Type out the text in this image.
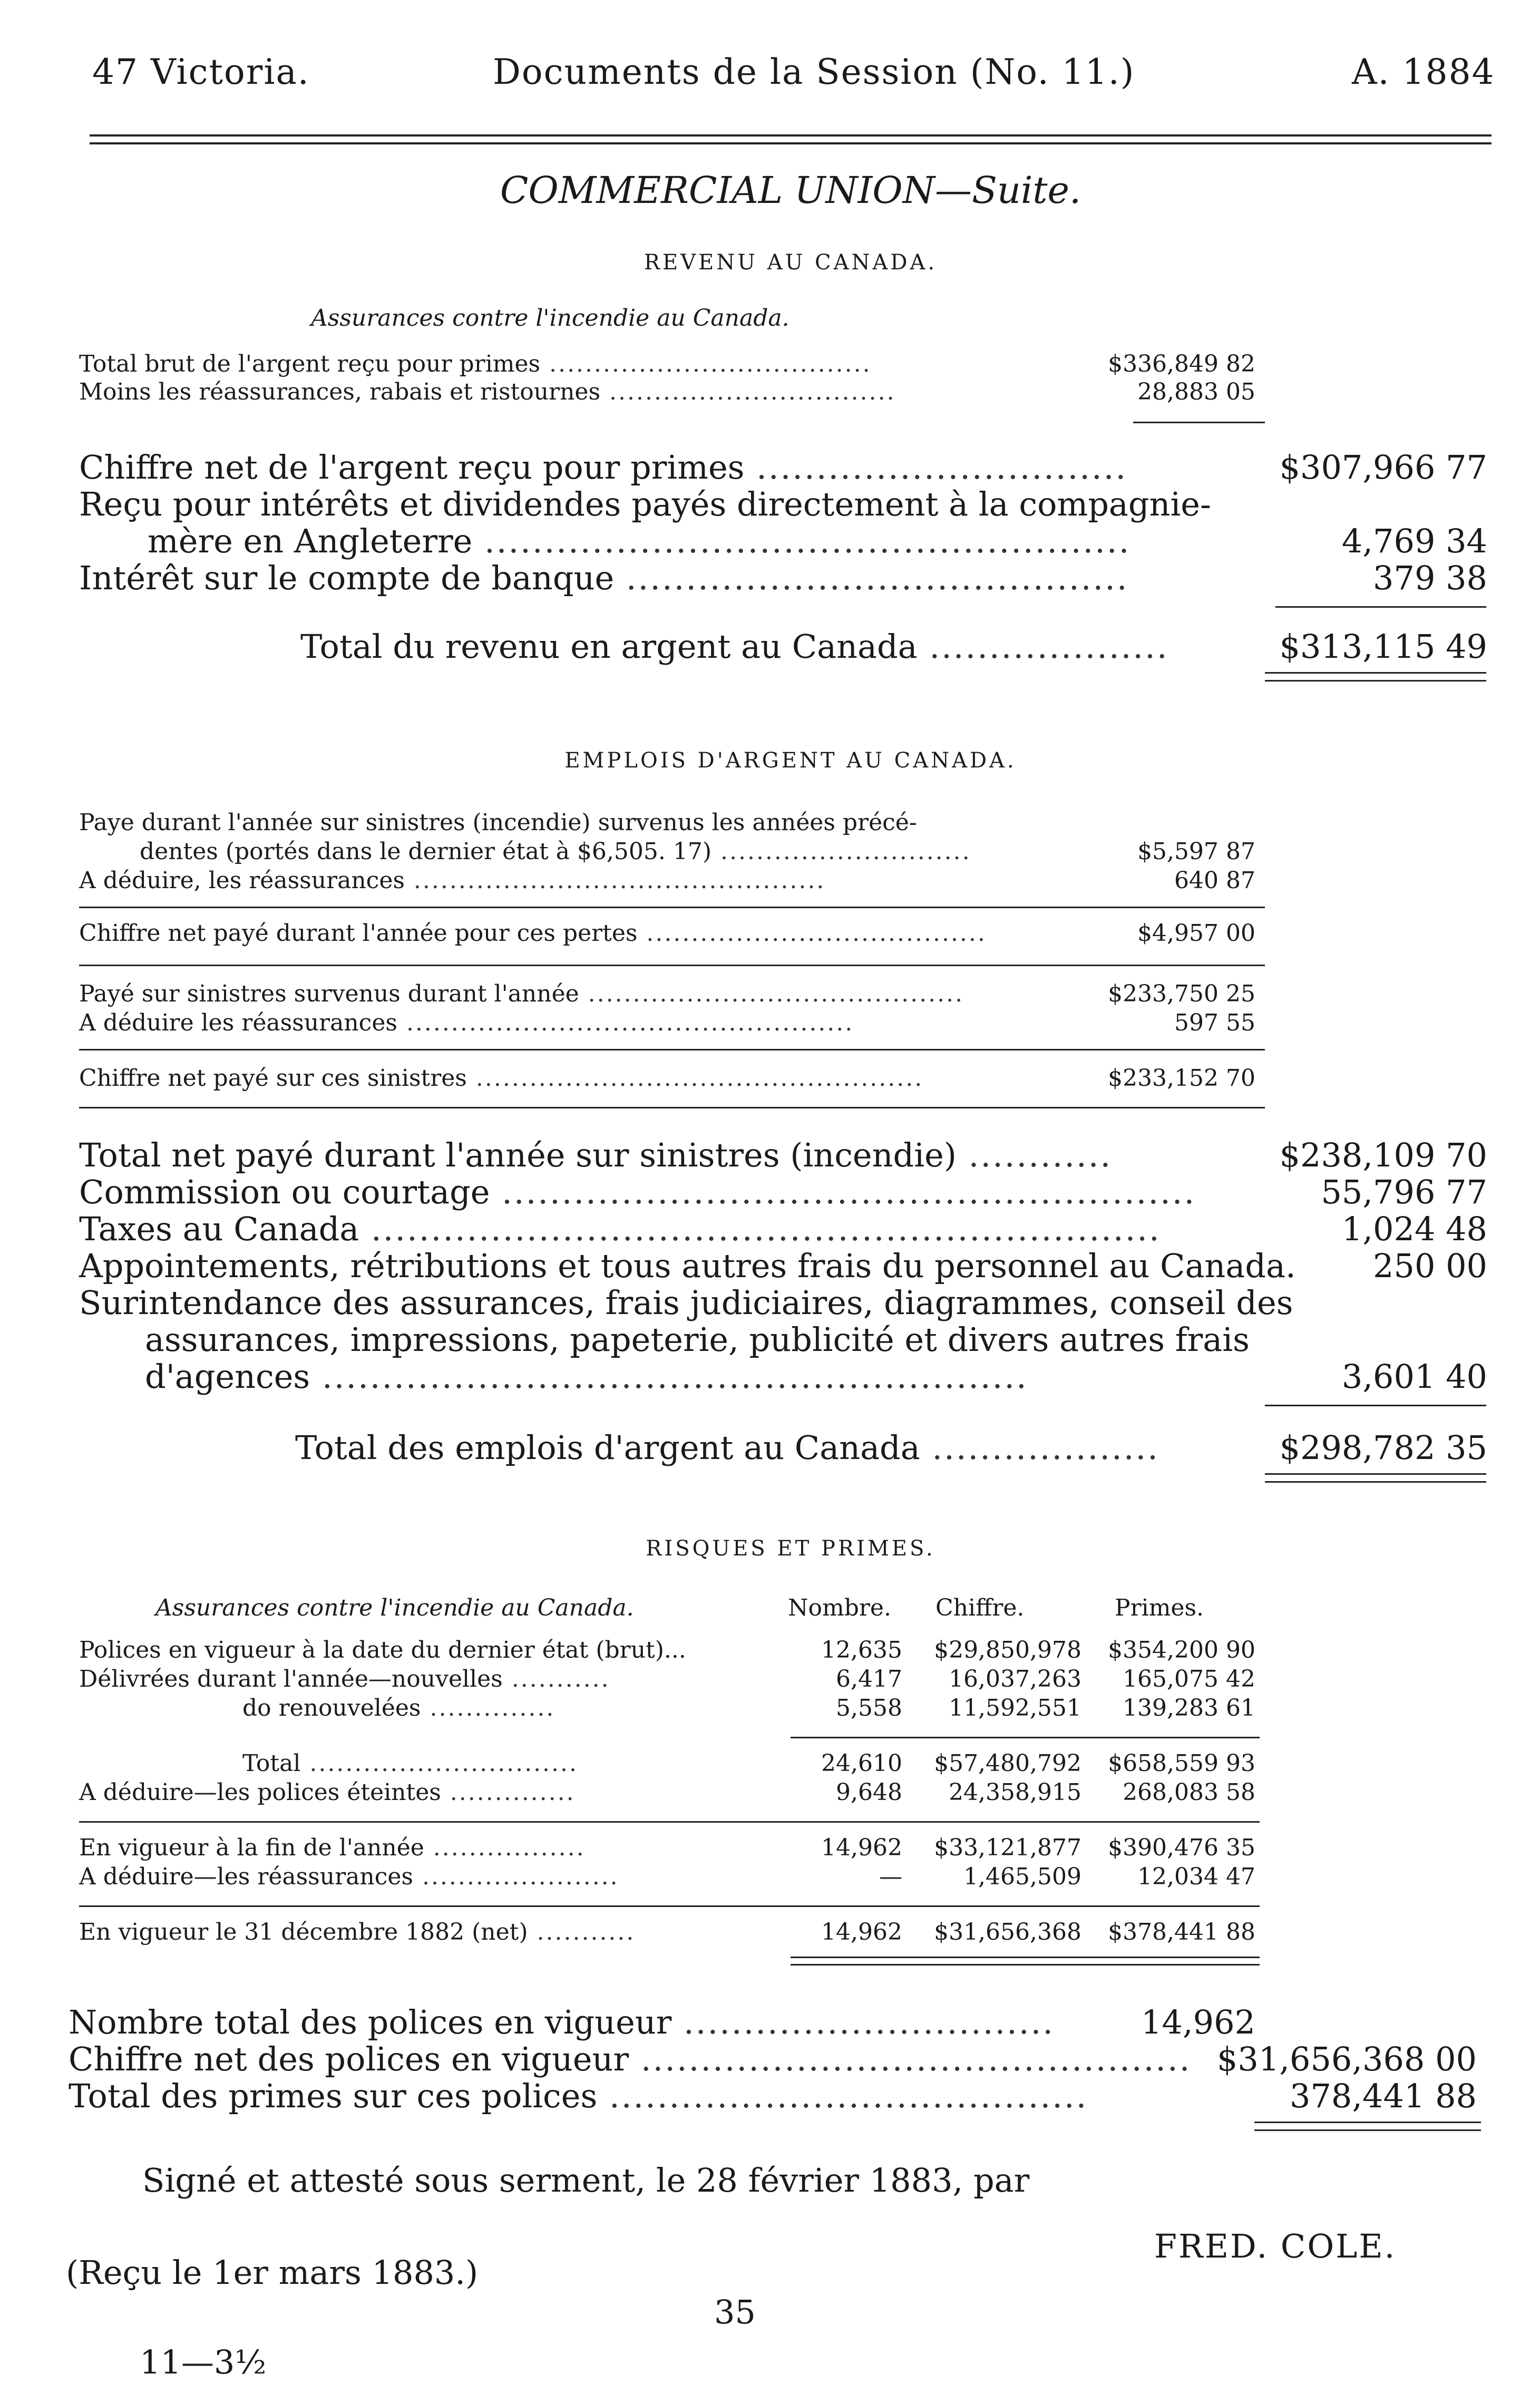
47 Victoria.	Documents de la Session (No. 11.)	A. 1884
COMMERCIAL UNION—Suite.
REVENU AU CANADA.
Assurances contre l'incendie au Canada.
Total brut de l'argent reçu pour primes ....................................	$336,849 82
Moins les réassurances, rabais et ristournes ................................	28,883 05
Chiffre net de l'argent reçu pour primes ...............................	$307,966 77
Reçu pour intérêts et dividendes payés directement à la compagnie-
mère en Angleterre ......................................................	4,769 34
Intérêt sur le compte de banque ..........................................	379 38
Total du revenu en argent au Canada ....................	$313,115 49
EMPLOIS D'ARGENT AU CANADA.
Paye durant l'année sur sinistres (incendie) survenus les années précé-
dentes (portés dans le dernier état à $6,505. 17) ............................	$5,597 87
A déduire, les réassurances ..............................................	640 87
Chiffre net payé durant l'année pour ces pertes ......................................	$4,957 00
Payé sur sinistres survenus durant l'année ..........................................	$233,750 25
A déduire les réassurances ..................................................	597 55
Chiffre net payé sur ces sinistres ..................................................	$233,152 70
Total net payé durant l'année sur sinistres (incendie) ............	$238,109 70
Commission ou courtage ..........................................................	55,796 77
Taxes au Canada ..................................................................	1,024 48
Appointements, rétributions et tous autres frais du personnel au Canada. 250 00
Surintendance des assurances, frais judiciaires, diagrammes, conseil des
assurances, impressions, papeterie, publicité et divers autres frais
d'agences ...........................................................	3,601 40
Total des emplois d'argent au Canada ...................	$298,782 35
RISQUES ET PRIMES.
Assurances contre l'incendie au Canada.	Nombre. Chiffre.	Primes.
Polices en vigueur à la date du dernier état (brut)...	12,635 $29,850,978 $354,200 90
Délivrées durant l'année—nouvelles ...........	6,417 16,037,263 165,075 42
do renouvelées ..............	5,558 11,592,551 139,283 61
Total ..............................	24,610 $57,480,792 $658,559 93
A déduire—les polices éteintes ..............	9,648 24,358,915 268,083 58
En vigueur à la fin de l'année .................	14,962 $33,121,877 $390,476 35
A déduire—les réassurances ......................	—	1,465,509 12,034 47
En vigueur le 31 décembre 1882 (net) ...........	14,962 $31,656,368 $378,441 88
Nombre total des polices en vigueur ...............................	14,962
Chiffre net des polices en vigueur .............................................. $31,656,368 00
Total des primes sur ces polices ........................................	378,441 88
Signé et attesté sous serment, le 28 février 1883, par
FRED. COLE.
(Reçu le 1er mars 1883.)
35
11—3½
